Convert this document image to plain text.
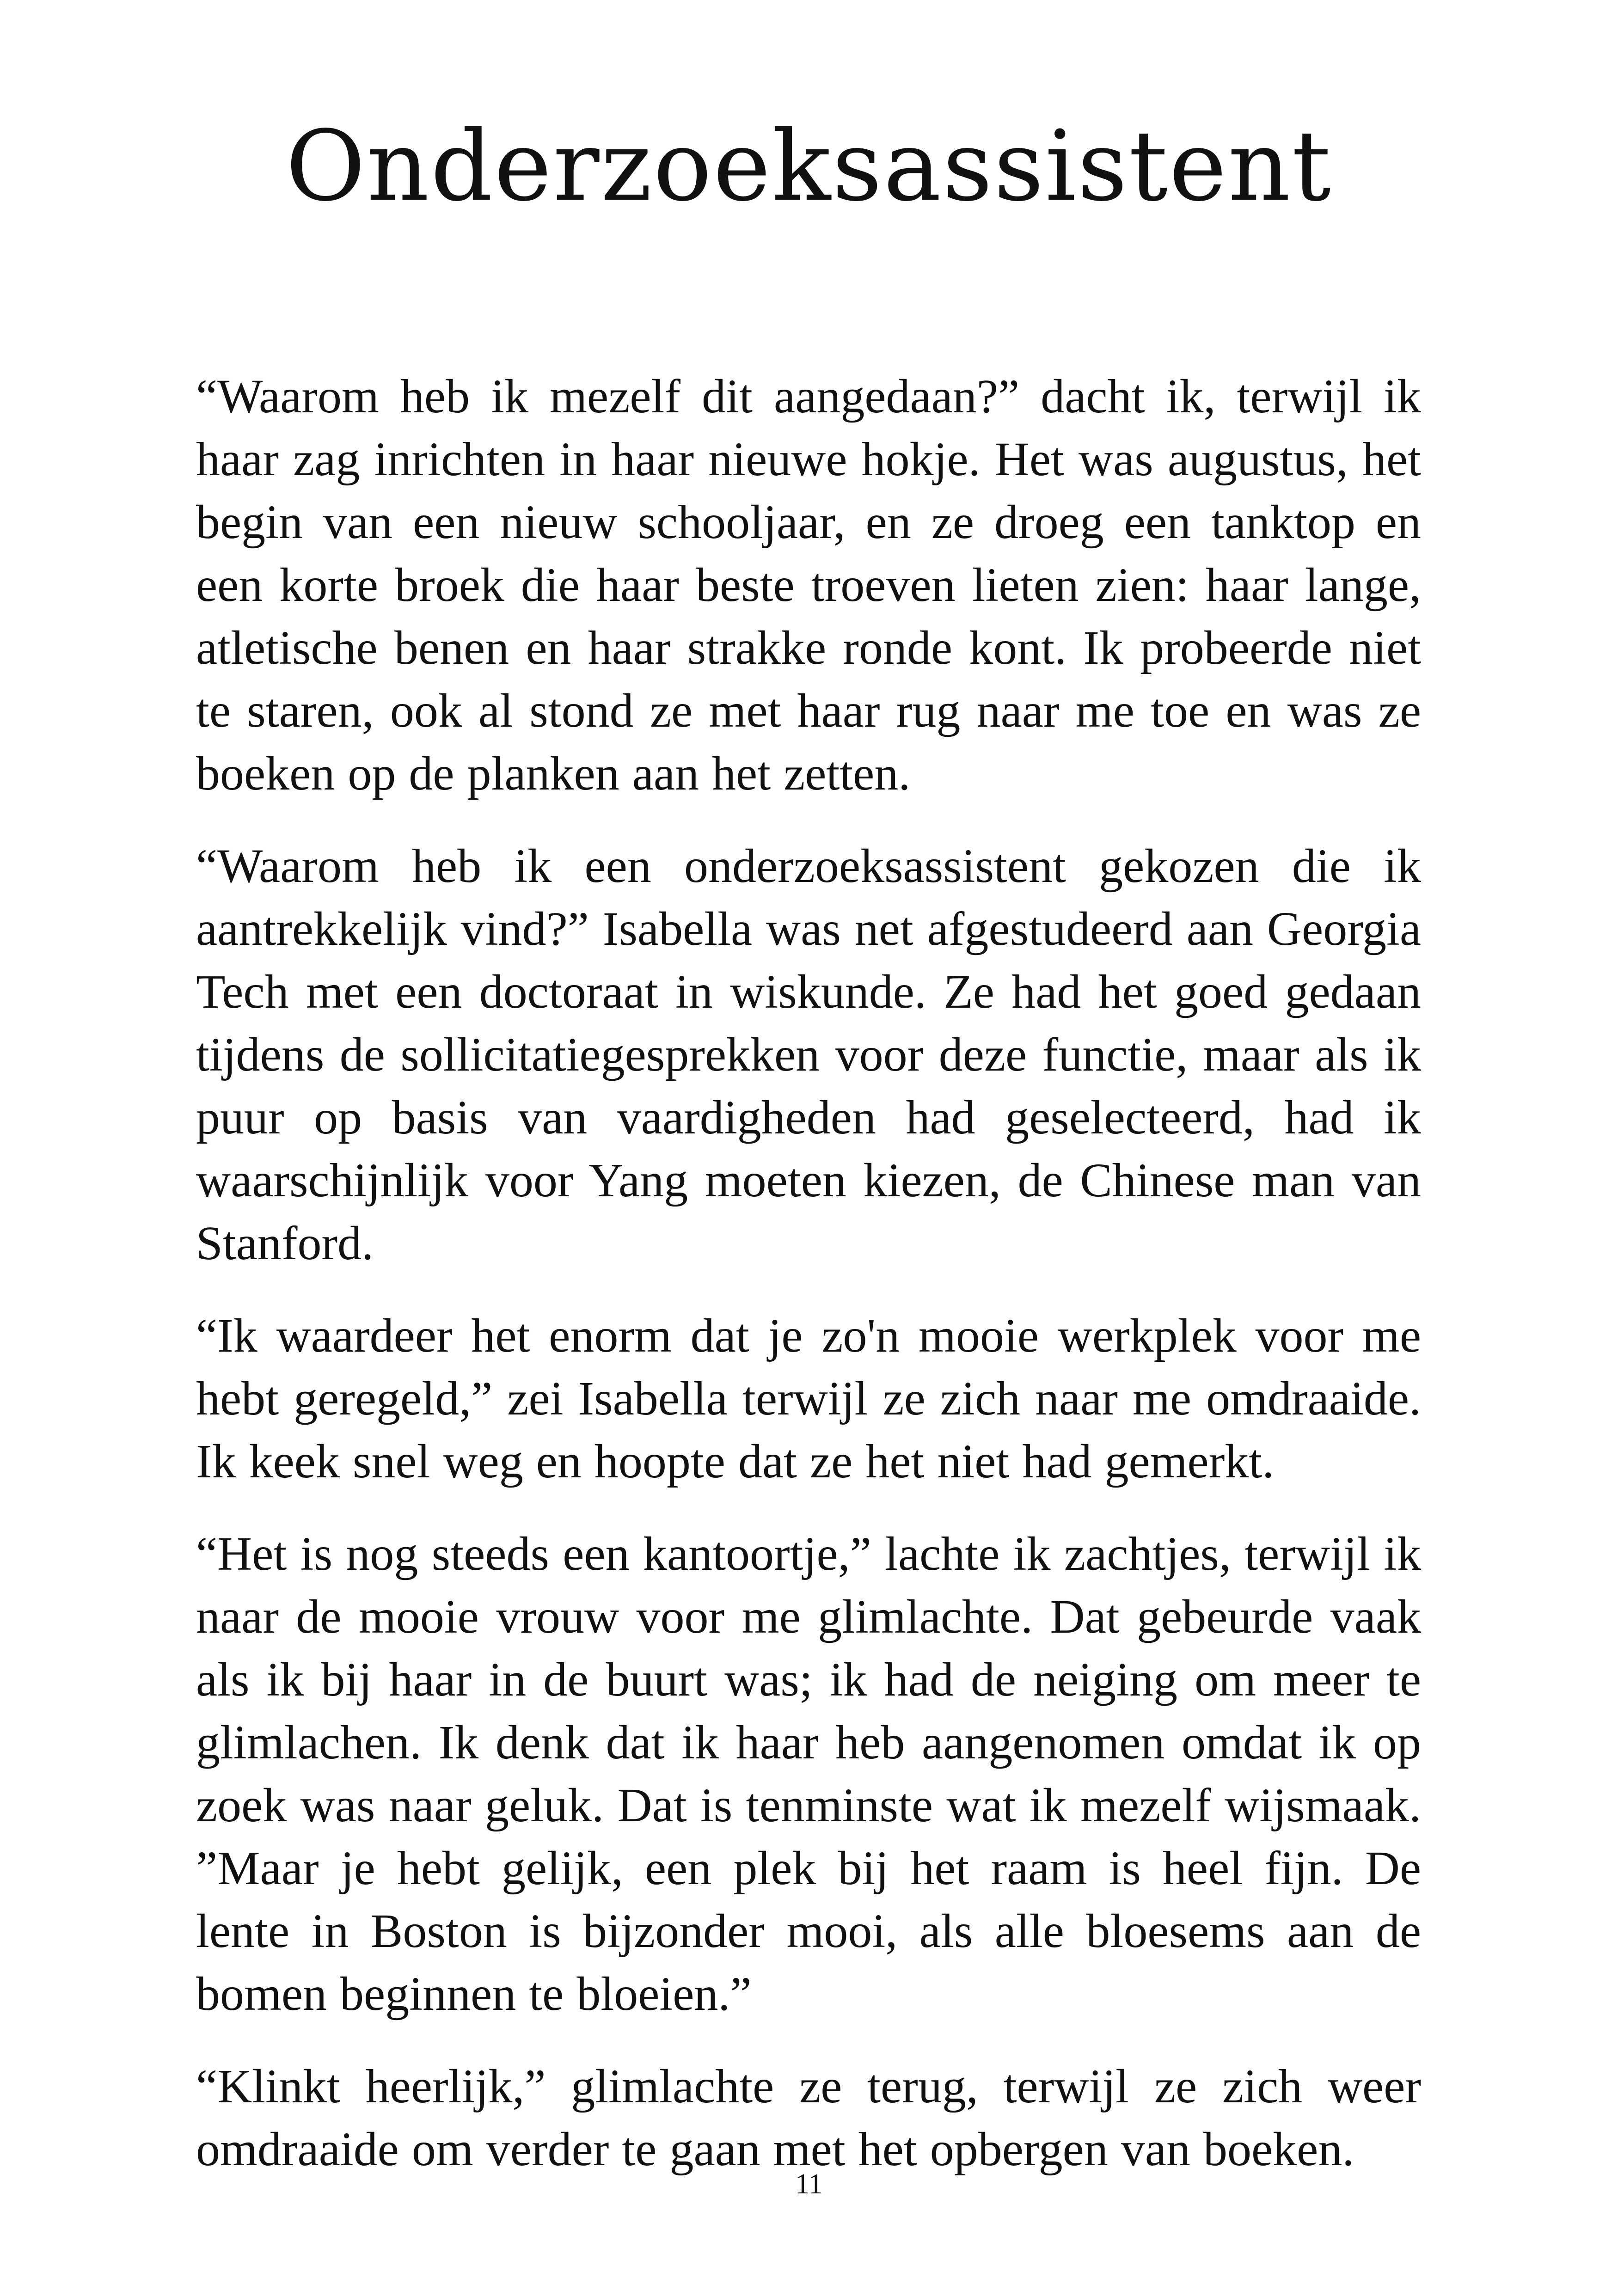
Onderzoeksassistent

“Waarom heb ik mezelf dit aangedaan?” dacht ik, terwijl ik haar zag inrichten in haar nieuwe hokje. Het was augustus, het begin van een nieuw schooljaar, en ze droeg een tanktop en een korte broek die haar beste troeven lieten zien: haar lange, atletische benen en haar strakke ronde kont. Ik probeerde niet te staren, ook al stond ze met haar rug naar me toe en was ze boeken op de planken aan het zetten.

“Waarom heb ik een onderzoeksassistent gekozen die ik aantrekkelijk vind?” Isabella was net afgestudeerd aan Georgia Tech met een doctoraat in wiskunde. Ze had het goed gedaan tijdens de sollicitatiegesprekken voor deze functie, maar als ik puur op basis van vaardigheden had geselecteerd, had ik waarschijnlijk voor Yang moeten kiezen, de Chinese man van Stanford.

“Ik waardeer het enorm dat je zo'n mooie werkplek voor me hebt geregeld,” zei Isabella terwijl ze zich naar me omdraaide. Ik keek snel weg en hoopte dat ze het niet had gemerkt.

“Het is nog steeds een kantoortje,” lachte ik zachtjes, terwijl ik naar de mooie vrouw voor me glimlachte. Dat gebeurde vaak als ik bij haar in de buurt was; ik had de neiging om meer te glimlachen. Ik denk dat ik haar heb aangenomen omdat ik op zoek was naar geluk. Dat is tenminste wat ik mezelf wijsmaak. ”Maar je hebt gelijk, een plek bij het raam is heel fijn. De lente in Boston is bijzonder mooi, als alle bloesems aan de bomen beginnen te bloeien.”

“Klinkt heerlijk,” glimlachte ze terug, terwijl ze zich weer omdraaide om verder te gaan met het opbergen van boeken.

11
